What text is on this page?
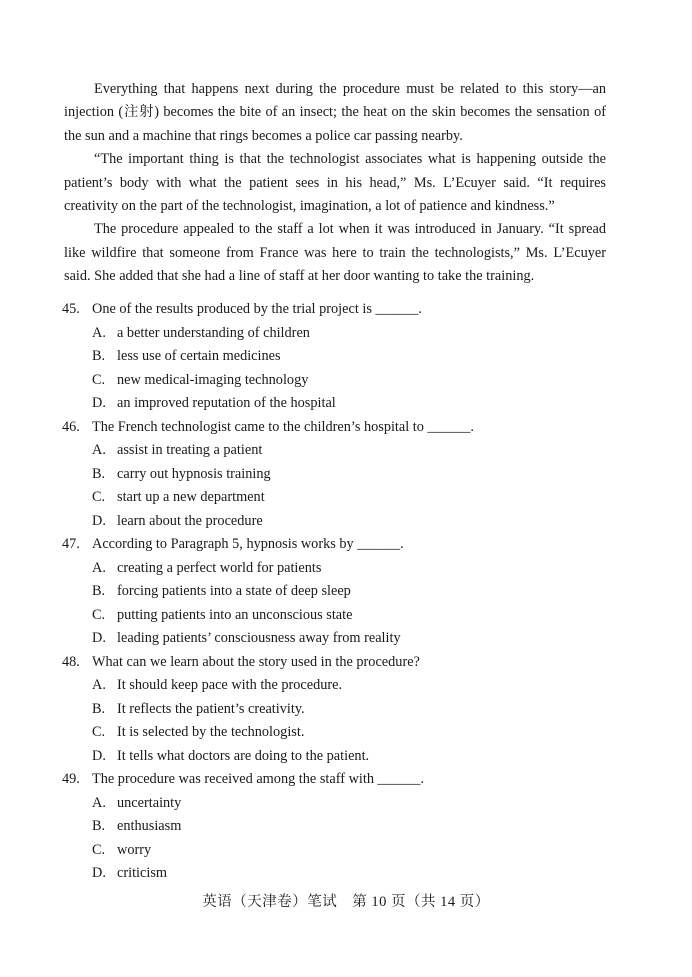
Everything that happens next during the procedure must be related to this story—an injection (注射) becomes the bite of an insect; the heat on the skin becomes the sensation of the sun and a machine that rings becomes a police car passing nearby.

“The important thing is that the technologist associates what is happening outside the patient’s body with what the patient sees in his head,” Ms. L’Ecuyer said. “It requires creativity on the part of the technologist, imagination, a lot of patience and kindness.”

The procedure appealed to the staff a lot when it was introduced in January. “It spread like wildfire that someone from France was here to train the technologists,” Ms. L’Ecuyer said. She added that she had a line of staff at her door wanting to take the training.

45. One of the results produced by the trial project is ______.
A. a better understanding of children
B. less use of certain medicines
C. new medical-imaging technology
D. an improved reputation of the hospital
46. The French technologist came to the children’s hospital to ______.
A. assist in treating a patient
B. carry out hypnosis training
C. start up a new department
D. learn about the procedure
47. According to Paragraph 5, hypnosis works by ______.
A. creating a perfect world for patients
B. forcing patients into a state of deep sleep
C. putting patients into an unconscious state
D. leading patients’ consciousness away from reality
48. What can we learn about the story used in the procedure?
A. It should keep pace with the procedure.
B. It reflects the patient’s creativity.
C. It is selected by the technologist.
D. It tells what doctors are doing to the patient.
49. The procedure was received among the staff with ______.
A. uncertainty
B. enthusiasm
C. worry
D. criticism
英语（天津卷）笔试　第 10 页（共 14 页）
